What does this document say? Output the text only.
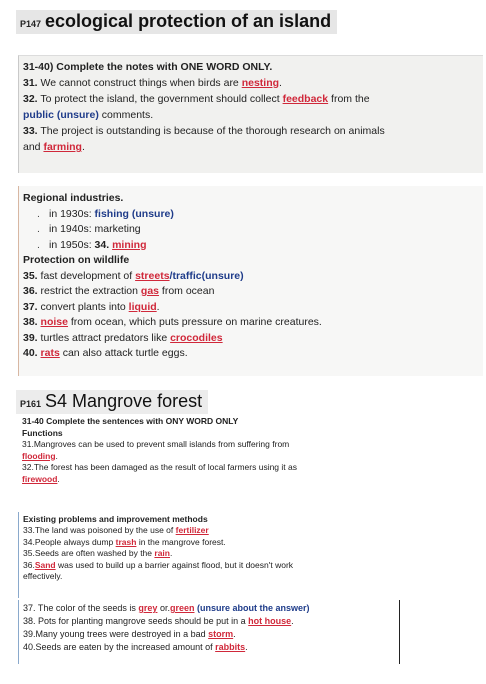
P147 ecological protection of an island
31-40) Complete the notes with ONE WORD ONLY.
31. We cannot construct things when birds are nesting.
32. To protect the island, the government should collect feedback from the
public (unsure) comments.
33. The project is outstanding is because of the thorough research on animals
and farming.
Regional industries.
. in 1930s: fishing (unsure)
. in 1940s: marketing
. in 1950s: 34. mining
Protection on wildlife
35. fast development of streets/traffic(unsure)
36. restrict the extraction gas from ocean
37. convert plants into liquid.
38. noise from ocean, which puts pressure on marine creatures.
39. turtles attract predators like crocodiles
40. rats can also attack turtle eggs.
P161 S4 Mangrove forest
31-40 Complete the sentences with ONY WORD ONLY
Functions
31.Mangroves can be used to prevent small islands from suffering from
flooding.
32.The forest has been damaged as the result of local farmers using it as
firewood.
Existing problems and improvement methods
33.The land was poisoned by the use of fertilizer
34.People always dump trash in the mangrove forest.
35.Seeds are often washed by the rain.
36.Sand was used to build up a barrier against flood, but it doesn't work
effectively.
37. The color of the seeds is grey or.green (unsure about the answer)
38. Pots for planting mangrove seeds should be put in a hot house.
39.Many young trees were destroyed in a bad storm.
40.Seeds are eaten by the increased amount of rabbits.
